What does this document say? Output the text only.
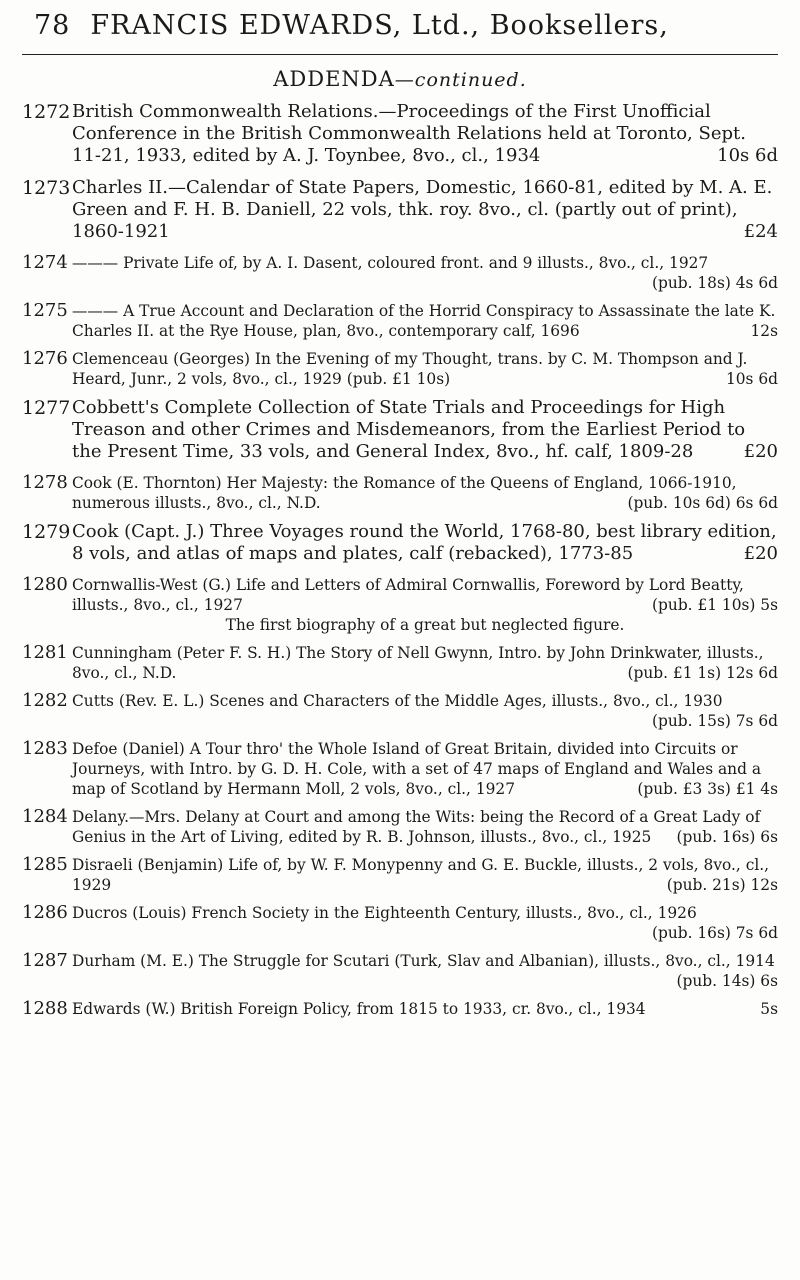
78 FRANCIS EDWARDS, Ltd., Booksellers,
ADDENDA—continued.
1272 British Commonwealth Relations.—Proceedings of the First Unofficial Conference in the British Commonwealth Relations held at Toronto, Sept. 11-21, 1933, edited by A. J. Toynbee, 8vo., cl., 1934	10s 6d
1273 Charles II.—Calendar of State Papers, Domestic, 1660-81, edited by M. A. E. Green and F. H. B. Daniell, 22 vols, thk. roy. 8vo., cl. (partly out of print), 1860-1921	£24
1274 ——— Private Life of, by A. I. Dasent, coloured front. and 9 illusts., 8vo., cl., 1927
(pub. 18s) 4s 6d
1275 ——— A True Account and Declaration of the Horrid Conspiracy to Assassinate the late K. Charles II. at the Rye House, plan, 8vo., contemporary calf, 1696	12s
1276 Clemenceau (Georges) In the Evening of my Thought, trans. by C. M. Thompson and J. Heard, Junr., 2 vols, 8vo., cl., 1929 (pub. £1 10s)	10s 6d
1277 Cobbett's Complete Collection of State Trials and Proceedings for High Treason and other Crimes and Misdemeanors, from the Earliest Period to the Present Time, 33 vols, and General Index, 8vo., hf. calf, 1809-28	£20
1278 Cook (E. Thornton) Her Majesty: the Romance of the Queens of England, 1066-1910, numerous illusts., 8vo., cl., N.D.	(pub. 10s 6d) 6s 6d
1279 Cook (Capt. J.) Three Voyages round the World, 1768-80, best library edition, 8 vols, and atlas of maps and plates, calf (rebacked), 1773-85	£20
1280 Cornwallis-West (G.) Life and Letters of Admiral Cornwallis, Foreword by Lord Beatty, illusts., 8vo., cl., 1927	(pub. £1 10s) 5s
The first biography of a great but neglected figure.
1281 Cunningham (Peter F. S. H.) The Story of Nell Gwynn, Intro. by John Drinkwater, illusts., 8vo., cl., N.D.	(pub. £1 1s) 12s 6d
1282 Cutts (Rev. E. L.) Scenes and Characters of the Middle Ages, illusts., 8vo., cl., 1930
(pub. 15s) 7s 6d
1283 Defoe (Daniel) A Tour thro' the Whole Island of Great Britain, divided into Circuits or Journeys, with Intro. by G. D. H. Cole, with a set of 47 maps of England and Wales and a map of Scotland by Hermann Moll, 2 vols, 8vo., cl., 1927	(pub. £3 3s) £1 4s
1284 Delany.—Mrs. Delany at Court and among the Wits: being the Record of a Great Lady of Genius in the Art of Living, edited by R. B. Johnson, illusts., 8vo., cl., 1925 (pub. 16s) 6s
1285 Disraeli (Benjamin) Life of, by W. F. Monypenny and G. E. Buckle, illusts., 2 vols, 8vo., cl., 1929	(pub. 21s) 12s
1286 Ducros (Louis) French Society in the Eighteenth Century, illusts., 8vo., cl., 1926
(pub. 16s) 7s 6d
1287 Durham (M. E.) The Struggle for Scutari (Turk, Slav and Albanian), illusts., 8vo., cl., 1914
(pub. 14s) 6s
1288 Edwards (W.) British Foreign Policy, from 1815 to 1933, cr. 8vo., cl., 1934	5s
